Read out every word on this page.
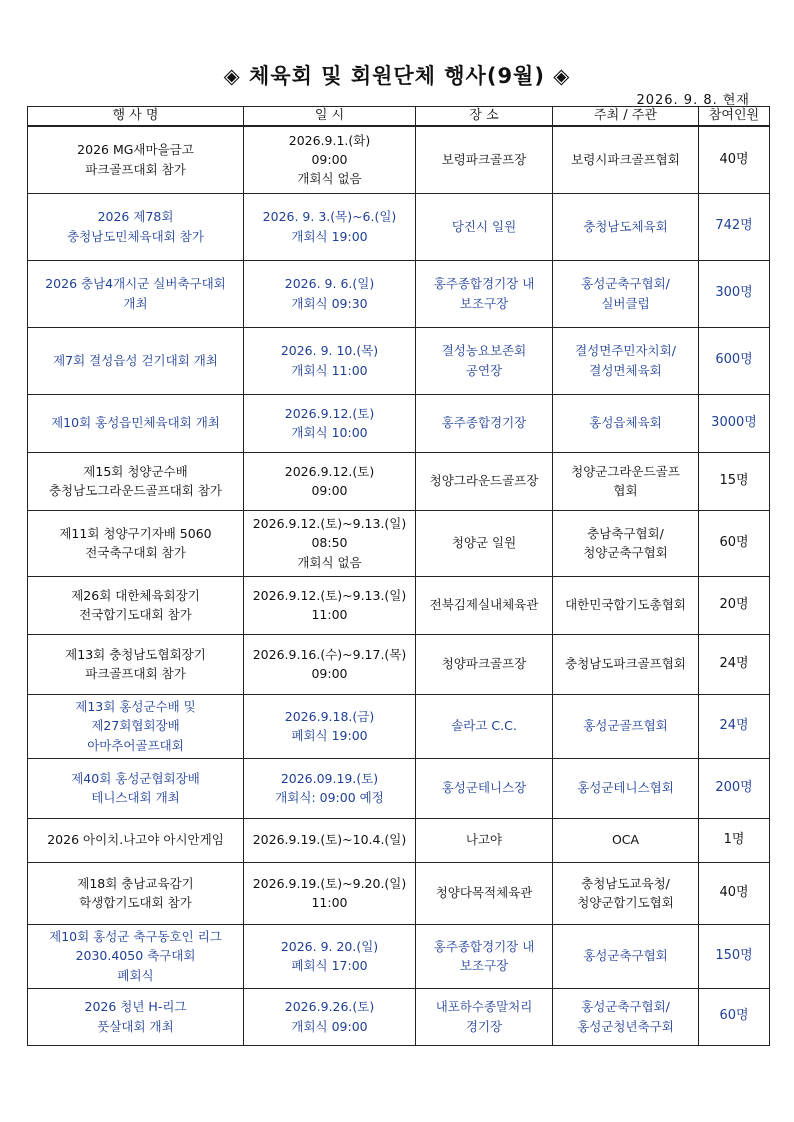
◈ 체육회 및 회원단체 행사(9월) ◈
2026. 9. 8. 현재
행 사 명	일 시	장 소	주최 / 주관	참여인원

2026 MG새마을금고
파크골프대회 참가	2026.9.1.(화)
09:00
개회식 없음	보령파크골프장	보령시파크골프협회	40명

2026 제78회
충청남도민체육대회 참가	2026. 9. 3.(목)~6.(일)
개회식 19:00	당진시 일원	충청남도체육회	742명

2026 충남4개시군 실버축구대회
개최	2026. 9. 6.(일)
개회식 09:30	홍주종합경기장 내
보조구장	홍성군축구협회/
실버클럽	300명

제7회 결성읍성 걷기대회 개최	2026. 9. 10.(목)
개회식 11:00	결성농요보존회
공연장	결성면주민자치회/
결성면체육회	600명

제10회 홍성읍민체육대회 개최	2026.9.12.(토)
개회식 10:00	홍주종합경기장	홍성읍체육회	3000명

제15회 청양군수배
충청남도그라운드골프대회 참가	2026.9.12.(토)
09:00	청양그라운드골프장	청양군그라운드골프
협회	15명

제11회 청양구기자배 5060
전국축구대회 참가	2026.9.12.(토)~9.13.(일)
08:50
개회식 없음	청양군 일원	충남축구협회/
청양군축구협회	60명

제26회 대한체육회장기
전국합기도대회 참가	2026.9.12.(토)~9.13.(일)
11:00	전북김제실내체육관	대한민국합기도총협회	20명

제13회 충청남도협회장기
파크골프대회 참가	2026.9.16.(수)~9.17.(목)
09:00	청양파크골프장	충청남도파크골프협회	24명

제13회 홍성군수배 및
제27회협회장배
아마추어골프대회	2026.9.18.(금)
폐회식 19:00	솔라고 C.C.	홍성군골프협회	24명

제40회 홍성군협회장배
테니스대회 개최	2026.09.19.(토)
개회식: 09:00 예정	홍성군테니스장	홍성군테니스협회	200명

2026 아이치.나고야 아시안게임	2026.9.19.(토)~10.4.(일)	나고야	OCA	1명

제18회 충남교육감기
학생합기도대회 참가	2026.9.19.(토)~9.20.(일)
11:00	청양다목적체육관	충청남도교육청/
청양군합기도협회	40명

제10회 홍성군 축구동호인 리그
2030.4050 축구대회
폐회식	2026. 9. 20.(일)
폐회식 17:00	홍주종합경기장 내
보조구장	홍성군축구협회	150명

2026 청년 H-리그
풋살대회 개최	2026.9.26.(토)
개회식 09:00	내포하수종말처리
경기장	홍성군축구협회/
홍성군청년축구회	60명
